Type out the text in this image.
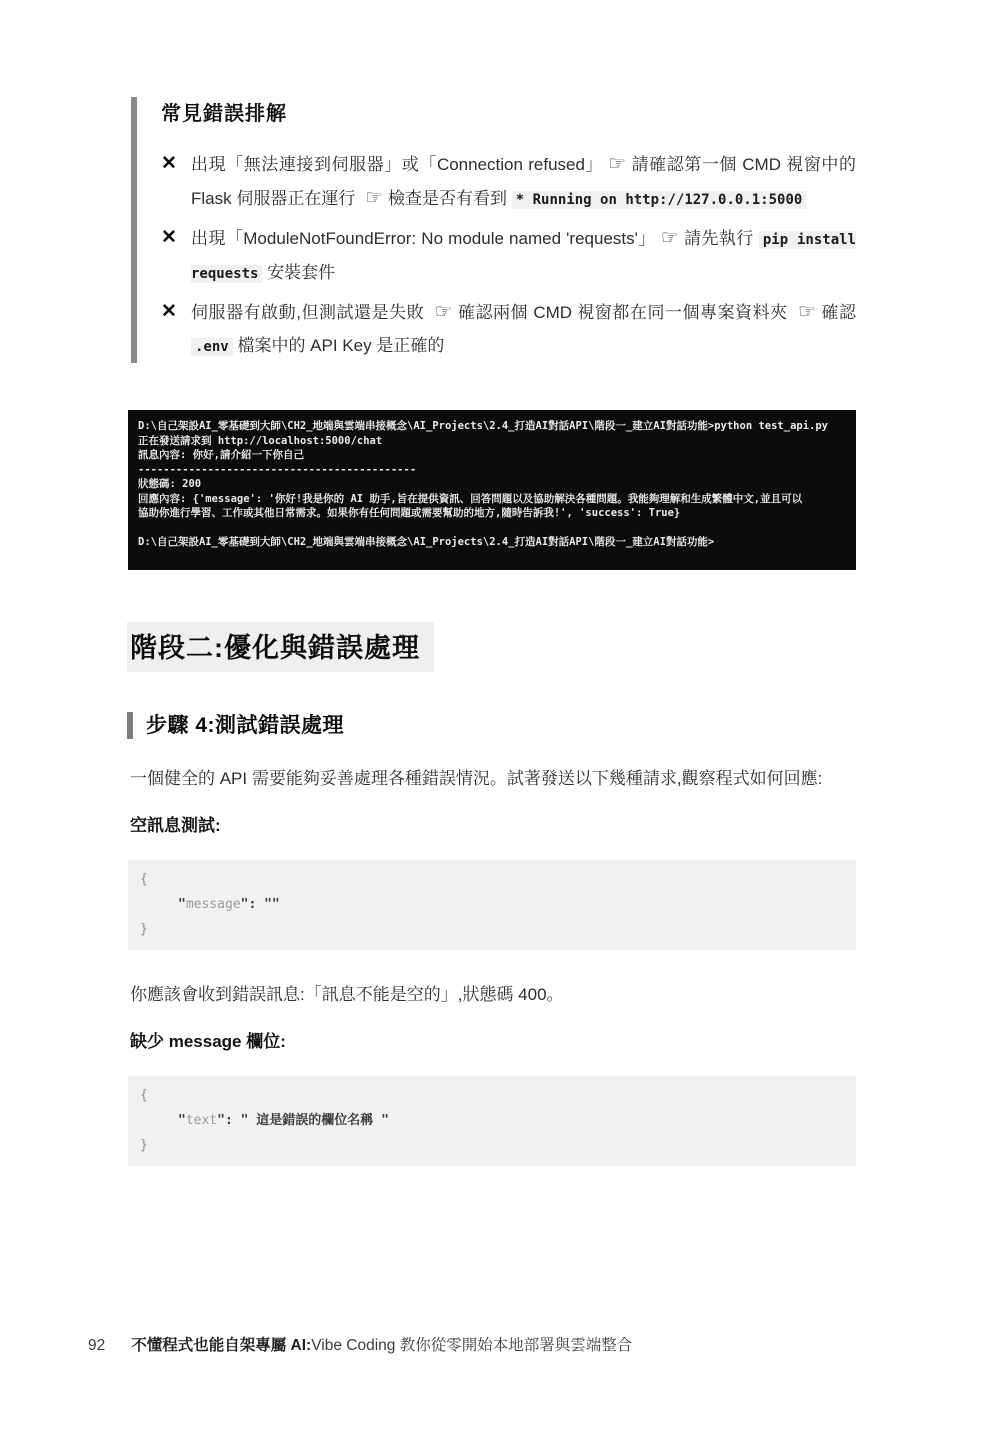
常見錯誤排解
✕ 出現「無法連接到伺服器」或「Connection refused」 ☞ 請確認第一個 CMD 視窗中的 Flask 伺服器正在運行 ☞ 檢查是否有看到 * Running on http://127.0.0.1:5000
✕ 出現「ModuleNotFoundError: No module named 'requests'」 ☞ 請先執行 pip install requests 安裝套件
✕ 伺服器有啟動,但測試還是失敗 ☞ 確認兩個 CMD 視窗都在同一個專案資料夾 ☞ 確認 .env 檔案中的 API Key 是正確的
D:\自己架設AI_零基礎到大師\CH2_地端與雲端串接概念\AI_Projects\2.4_打造AI對話API\階段一_建立AI對話功能>python test_api.py
正在發送請求到 http://localhost:5000/chat
訊息內容: 你好,請介紹一下你自己
--------------------------------------------
狀態碼: 200
回應內容: {'message': '你好!我是你的 AI 助手,旨在提供資訊、回答問題以及協助解決各種問題。我能夠理解和生成繁體中文,並且可以
協助你進行學習、工作或其他日常需求。如果你有任何問題或需要幫助的地方,隨時告訴我!', 'success': True}
D:\自己架設AI_零基礎到大師\CH2_地端與雲端串接概念\AI_Projects\2.4_打造AI對話API\階段一_建立AI對話功能>
階段二:優化與錯誤處理
步驟 4:測試錯誤處理

一個健全的 API 需要能夠妥善處理各種錯誤情況。試著發送以下幾種請求,觀察程式如何回應:

空訊息測試:

{
"message": ""
}

你應該會收到錯誤訊息:「訊息不能是空的」,狀態碼 400。

缺少 message 欄位:

{
"text": " 這是錯誤的欄位名稱 "
}
92 不懂程式也能自架專屬 AI:Vibe Coding 教你從零開始本地部署與雲端整合
